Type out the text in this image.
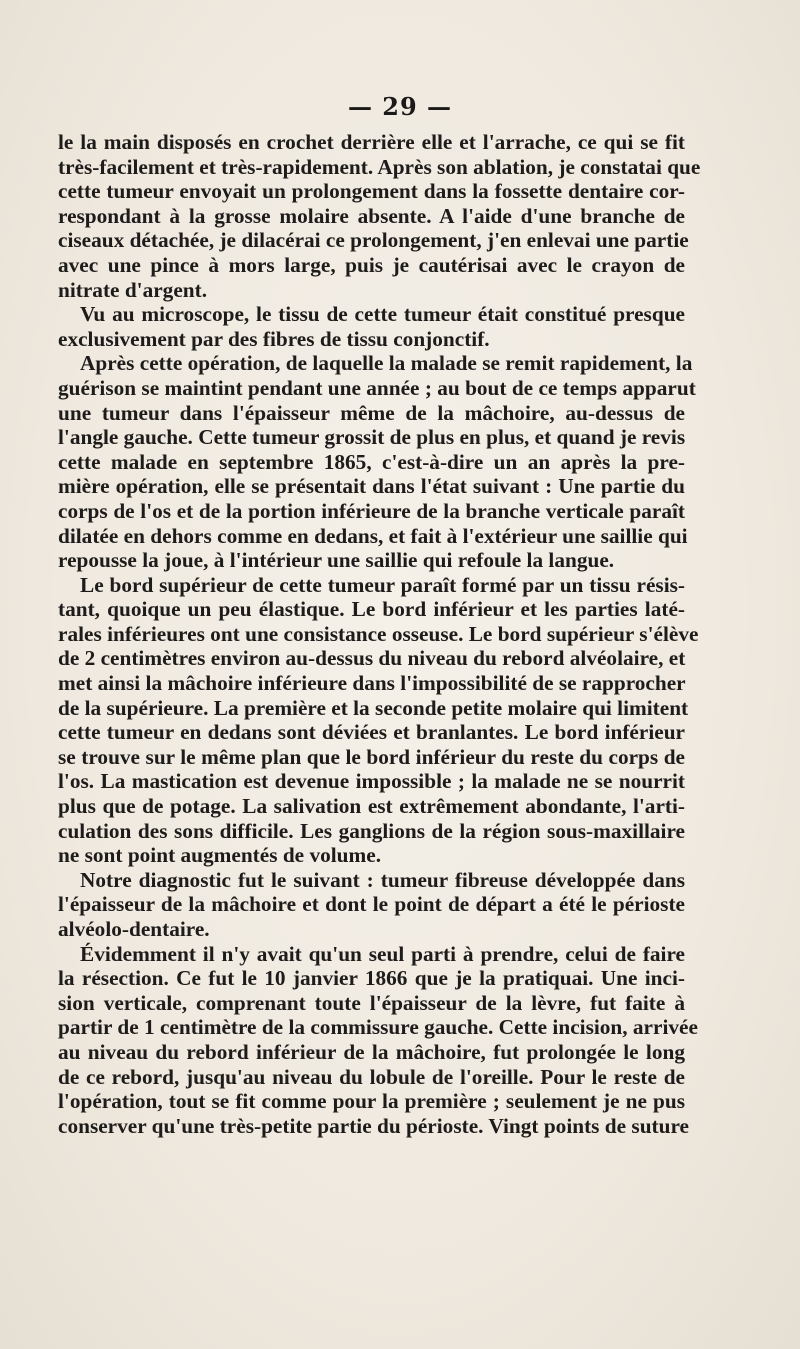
— 29 —

le la main disposés en crochet derrière elle et l'arrache, ce qui se fit
très-facilement et très-rapidement. Après son ablation, je constatai que
cette tumeur envoyait un prolongement dans la fossette dentaire cor-
respondant à la grosse molaire absente. A l'aide d'une branche de
ciseaux détachée, je dilacérai ce prolongement, j'en enlevai une partie
avec une pince à mors large, puis je cautérisai avec le crayon de
nitrate d'argent.

Vu au microscope, le tissu de cette tumeur était constitué presque
exclusivement par des fibres de tissu conjonctif.

Après cette opération, de laquelle la malade se remit rapidement, la
guérison se maintint pendant une année ; au bout de ce temps apparut
une tumeur dans l'épaisseur même de la mâchoire, au-dessus de
l'angle gauche. Cette tumeur grossit de plus en plus, et quand je revis
cette malade en septembre 1865, c'est-à-dire un an après la pre-
mière opération, elle se présentait dans l'état suivant : Une partie du
corps de l'os et de la portion inférieure de la branche verticale paraît
dilatée en dehors comme en dedans, et fait à l'extérieur une saillie qui
repousse la joue, à l'intérieur une saillie qui refoule la langue.

Le bord supérieur de cette tumeur paraît formé par un tissu résis-
tant, quoique un peu élastique. Le bord inférieur et les parties laté-
rales inférieures ont une consistance osseuse. Le bord supérieur s'élève
de 2 centimètres environ au-dessus du niveau du rebord alvéolaire, et
met ainsi la mâchoire inférieure dans l'impossibilité de se rapprocher
de la supérieure. La première et la seconde petite molaire qui limitent
cette tumeur en dedans sont déviées et branlantes. Le bord inférieur
se trouve sur le même plan que le bord inférieur du reste du corps de
l'os. La mastication est devenue impossible ; la malade ne se nourrit
plus que de potage. La salivation est extrêmement abondante, l'arti-
culation des sons difficile. Les ganglions de la région sous-maxillaire
ne sont point augmentés de volume.

Notre diagnostic fut le suivant : tumeur fibreuse développée dans
l'épaisseur de la mâchoire et dont le point de départ a été le périoste
alvéolo-dentaire.

Évidemment il n'y avait qu'un seul parti à prendre, celui de faire
la résection. Ce fut le 10 janvier 1866 que je la pratiquai. Une inci-
sion verticale, comprenant toute l'épaisseur de la lèvre, fut faite à
partir de 1 centimètre de la commissure gauche. Cette incision, arrivée
au niveau du rebord inférieur de la mâchoire, fut prolongée le long
de ce rebord, jusqu'au niveau du lobule de l'oreille. Pour le reste de
l'opération, tout se fit comme pour la première ; seulement je ne pus
conserver qu'une très-petite partie du périoste. Vingt points de suture
